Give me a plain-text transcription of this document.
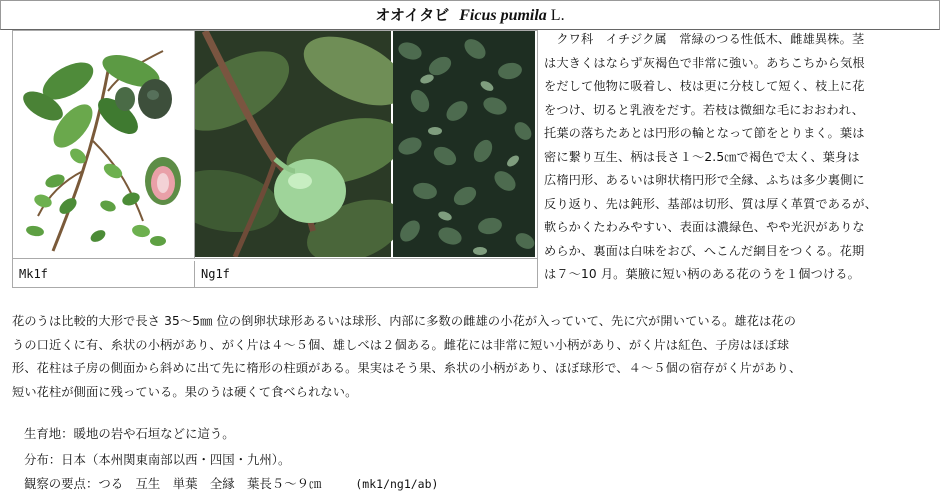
オオイタビ Ficus pumila L.
Mk1f	Ng1f
　クワ科　イチジク属　常緑のつる性低木、雌雄異株。茎
は大きくはならず灰褐色で非常に強い。あちこちから気根
をだして他物に吸着し、枝は更に分枝して短く、枝上に花
をつけ、切ると乳液をだす。若枝は微細な毛におおわれ、
托葉の落ちたあとは円形の輪となって節をとりまく。葉は
密に繋り互生、柄は長さ１～2.5㎝で褐色で太く、葉身は
広楕円形、あるいは卵状楕円形で全縁、ふちは多少裏側に
反り返り、先は鈍形、基部は切形、質は厚く革質であるが、
軟らかくたわみやすい、表面は濃緑色、やや光沢がありな
めらか、裏面は白味をおび、へこんだ網目をつくる。花期
は７～10 月。葉腋に短い柄のある花のうを１個つける。
花のうは比較的大形で長さ 35～5㎜ 位の倒卵状球形あるいは球形、内部に多数の雌雄の小花が入っていて、先に穴が開いている。雄花は花の
うの口近くに有、糸状の小柄があり、がく片は４～５個、雄しべは２個ある。雌花には非常に短い小柄があり、がく片は紅色、子房はほぼ球
形、花柱は子房の側面から斜めに出て先に楕形の柱頭がある。果実はそう果、糸状の小柄があり、ほぼ球形で、４～５個の宿存がく片があり、
短い花柱が側面に残っている。果のうは硬くて食べられない。
生育地：暖地の岩や石垣などに這う。
分布：日本（本州関東南部以西・四国・九州）。
観察の要点：つる　互生　単葉　全縁　葉長５～９㎝	(mk1/ng1/ab)
